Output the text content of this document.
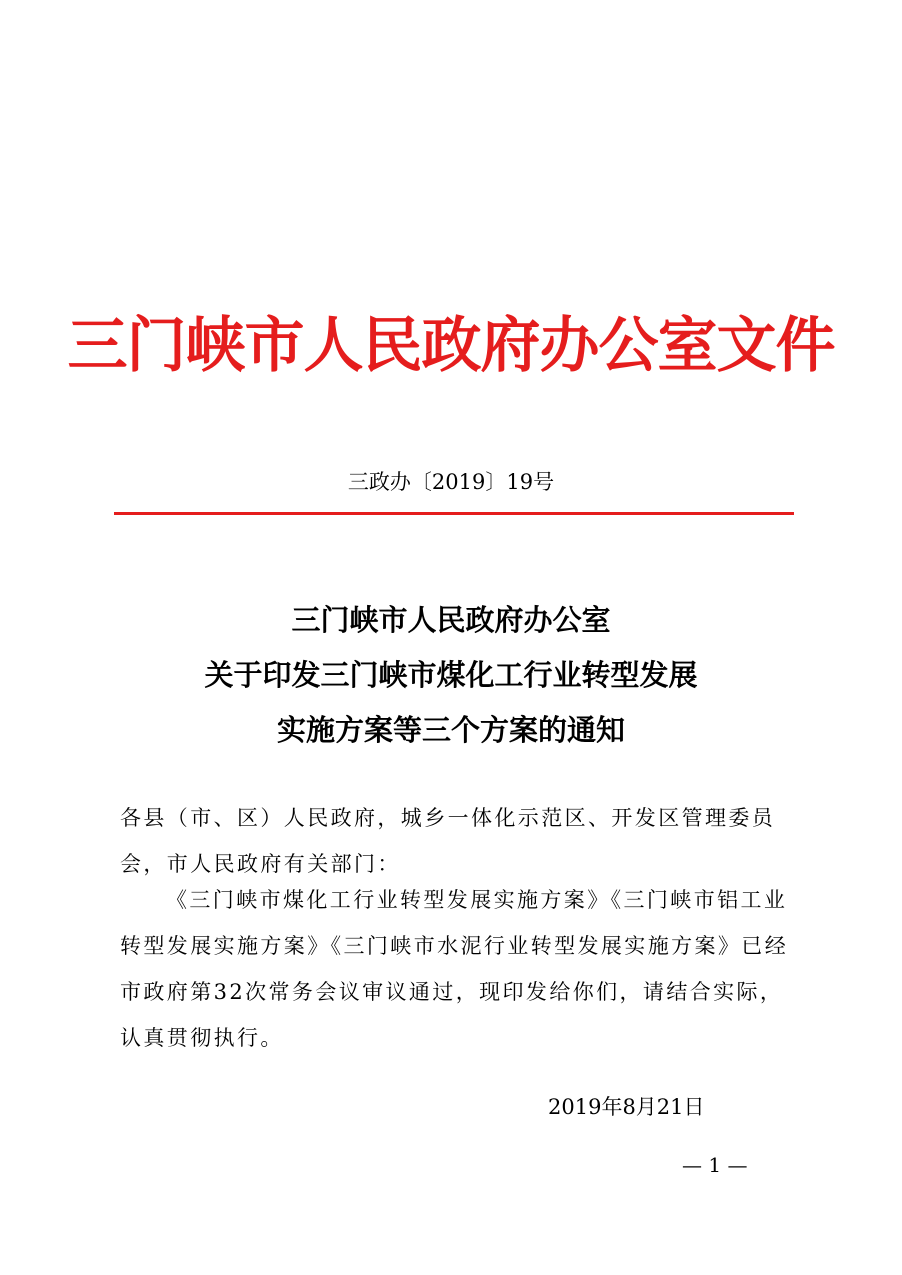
三门峡市人民政府办公室文件
三政办〔2019〕19号
三门峡市人民政府办公室
关于印发三门峡市煤化工行业转型发展
实施方案等三个方案的通知
各县（市、区）人民政府，城乡一体化示范区、开发区管理委员会，市人民政府有关部门：
《三门峡市煤化工行业转型发展实施方案》《三门峡市铝工业转型发展实施方案》《三门峡市水泥行业转型发展实施方案》已经市政府第32次常务会议审议通过，现印发给你们，请结合实际，认真贯彻执行。
2019年8月21日
— 1 —
